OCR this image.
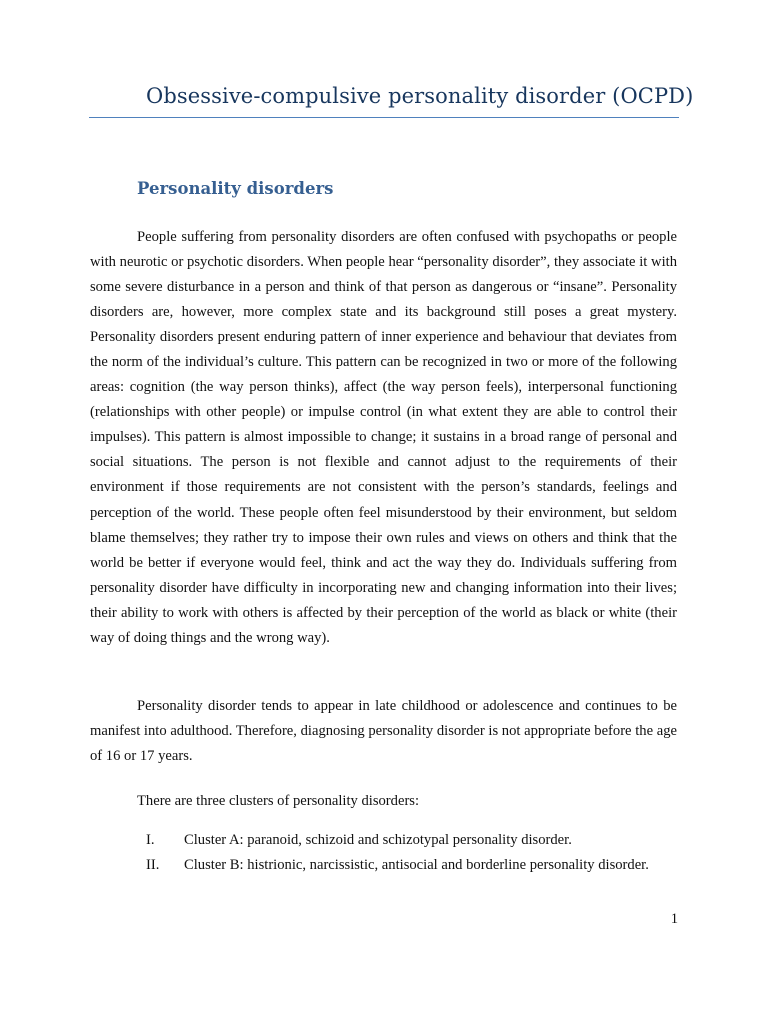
Obsessive-compulsive personality disorder (OCPD)
Personality disorders

People suffering from personality disorders are often confused with psychopaths or people with neurotic or psychotic disorders. When people hear “personality disorder”, they associate it with some severe disturbance in a person and think of that person as dangerous or “insane”. Personality disorders are, however, more complex state and its background still poses a great mystery. Personality disorders present enduring pattern of inner experience and behaviour that deviates from the norm of the individual’s culture. This pattern can be recognized in two or more of the following areas: cognition (the way person thinks), affect (the way person feels), interpersonal functioning (relationships with other people) or impulse control (in what extent they are able to control their impulses). This pattern is almost impossible to change; it sustains in a broad range of personal and social situations. The person is not flexible and cannot adjust to the requirements of their environment if those requirements are not consistent with the person’s standards, feelings and perception of the world. These people often feel misunderstood by their environment, but seldom blame themselves; they rather try to impose their own rules and views on others and think that the world be better if everyone would feel, think and act the way they do. Individuals suffering from personality disorder have difficulty in incorporating new and changing information into their lives; their ability to work with others is affected by their perception of the world as black or white (their way of doing things and the wrong way).

Personality disorder tends to appear in late childhood or adolescence and continues to be manifest into adulthood. Therefore, diagnosing personality disorder is not appropriate before the age of 16 or 17 years.

There are three clusters of personality disorders:

I. Cluster A: paranoid, schizoid and schizotypal personality disorder.
II. Cluster B: histrionic, narcissistic, antisocial and borderline personality disorder.
1
